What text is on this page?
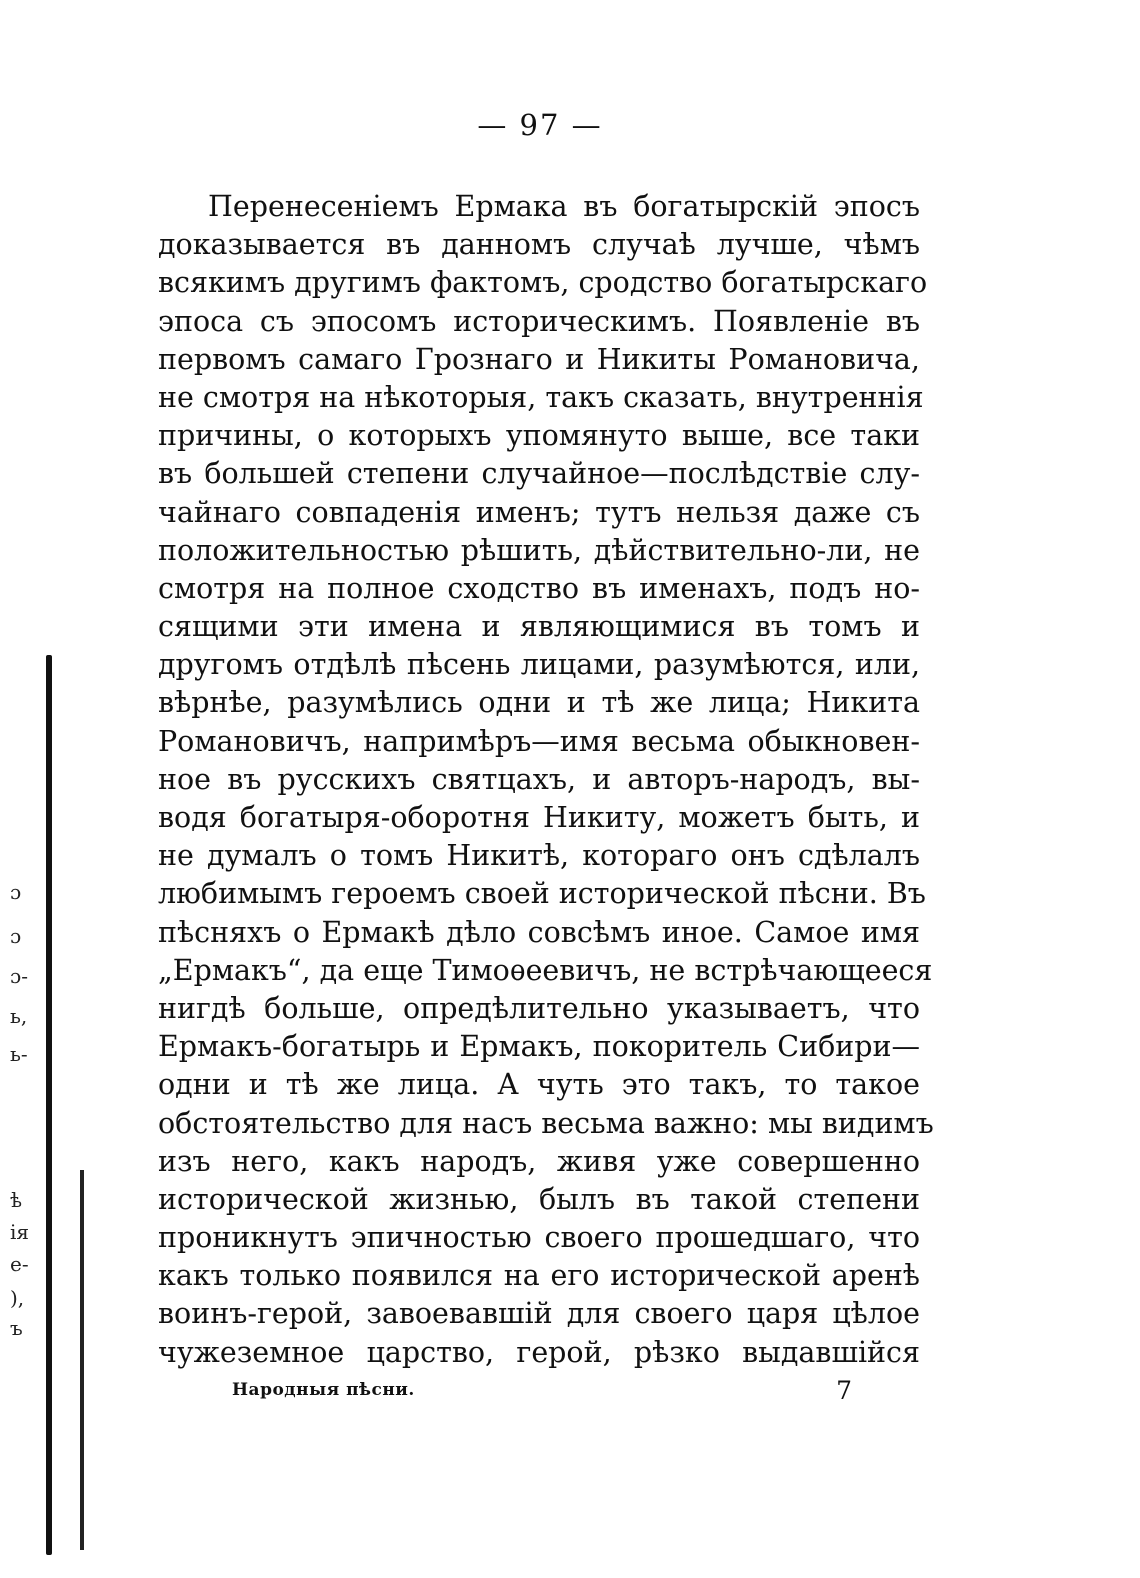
ɔ
ɔ
ɔ-
ь,
ь-
ѣ
ія
е-
),
ъ
— 97 —
Перенесеніемъ Ермака въ богатырскій эпосъ
доказывается въ данномъ случаѣ лучше, чѣмъ
всякимъ другимъ фактомъ, сродство богатырскаго
эпоса съ эпосомъ историческимъ. Появленіе въ
первомъ самаго Грознаго и Никиты Романовича,
не смотря на нѣкоторыя, такъ сказать, внутреннія
причины, о которыхъ упомянуто выше, все таки
въ большей степени случайное—послѣдствіе слу-
чайнаго совпаденія именъ; тутъ нельзя даже съ
положительностью рѣшить, дѣйствительно-ли, не
смотря на полное сходство въ именахъ, подъ но-
сящими эти имена и являющимися въ томъ и
другомъ отдѣлѣ пѣсень лицами, разумѣются, или,
вѣрнѣе, разумѣлись одни и тѣ же лица; Никита
Романовичъ, напримѣръ—имя весьма обыкновен-
ное въ русскихъ святцахъ, и авторъ-народъ, вы-
водя богатыря-оборотня Никиту, можетъ быть, и
не думалъ о томъ Никитѣ, котораго онъ сдѣлалъ
любимымъ героемъ своей исторической пѣсни. Въ
пѣсняхъ о Ермакѣ дѣло совсѣмъ иное. Самое имя
„Ермакъ“, да еще Тимоѳеевичъ, не встрѣчающееся
нигдѣ больше, опредѣлительно указываетъ, что
Ермакъ-богатырь и Ермакъ, покоритель Сибири—
одни и тѣ же лица. А чуть это такъ, то такое
обстоятельство для насъ весьма важно: мы видимъ
изъ него, какъ народъ, живя уже совершенно
исторической жизнью, былъ въ такой степени
проникнутъ эпичностью своего прошедшаго, что
какъ только появился на его исторической аренѣ
воинъ-герой, завоевавшій для своего царя цѣлое
чужеземное царство, герой, рѣзко выдавшійся
Народныя пѣсни.	7
